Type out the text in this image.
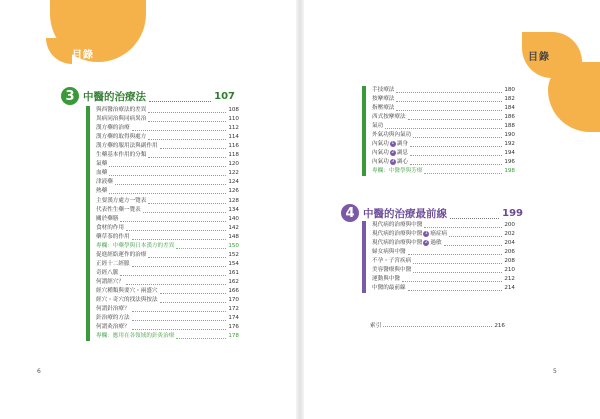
目錄
6
3 中醫的治療法	107
與西醫治療法的差異	108
異病同治與同病異治	110
漢方藥的治療	112
漢方藥的取得與處方	114
漢方藥的服用法與副作用	116
生藥基本作用的分類	118
氣藥	120
血藥	122
津液藥	124
熱藥	126
主要漢方處方一覽表	128
代表性生藥一覽表	134
關於藥膳	140
食材的作用	142
藥草茶的作用	148
專欄：中藥學與日本漢方的差異	150
促進經絡運作的治療	152
正經十二經脈	154
奇經八脈	161
何謂經穴？	162
經穴種類與要穴・兩盛穴	166
經穴・奇穴的找法與按法	170
何謂針治療？	172
針治療的方法	174
何謂灸治療？	176
專欄：應用在各領域的針灸治療	178
目錄
5
手技療法	180
按摩療法	182
指壓療法	184
西式按摩療法	186
氣功	188
外氣功與內氣功	190
內氣功 1 調身	192
內氣功 2 調息	194
內氣功 3 調心	196
專欄：中醫學與芳療	198
4 中醫的治療最前線	199
現代病的治療與中醫	200
現代病的治療與中醫 1 癌症病	202
現代病的治療與中醫 2 過敏	204
婦女病與中醫	206
不孕・子宮疾病	208
美容醫療與中醫	210
運動與中醫	212
中醫的最前線	214
索引	216
